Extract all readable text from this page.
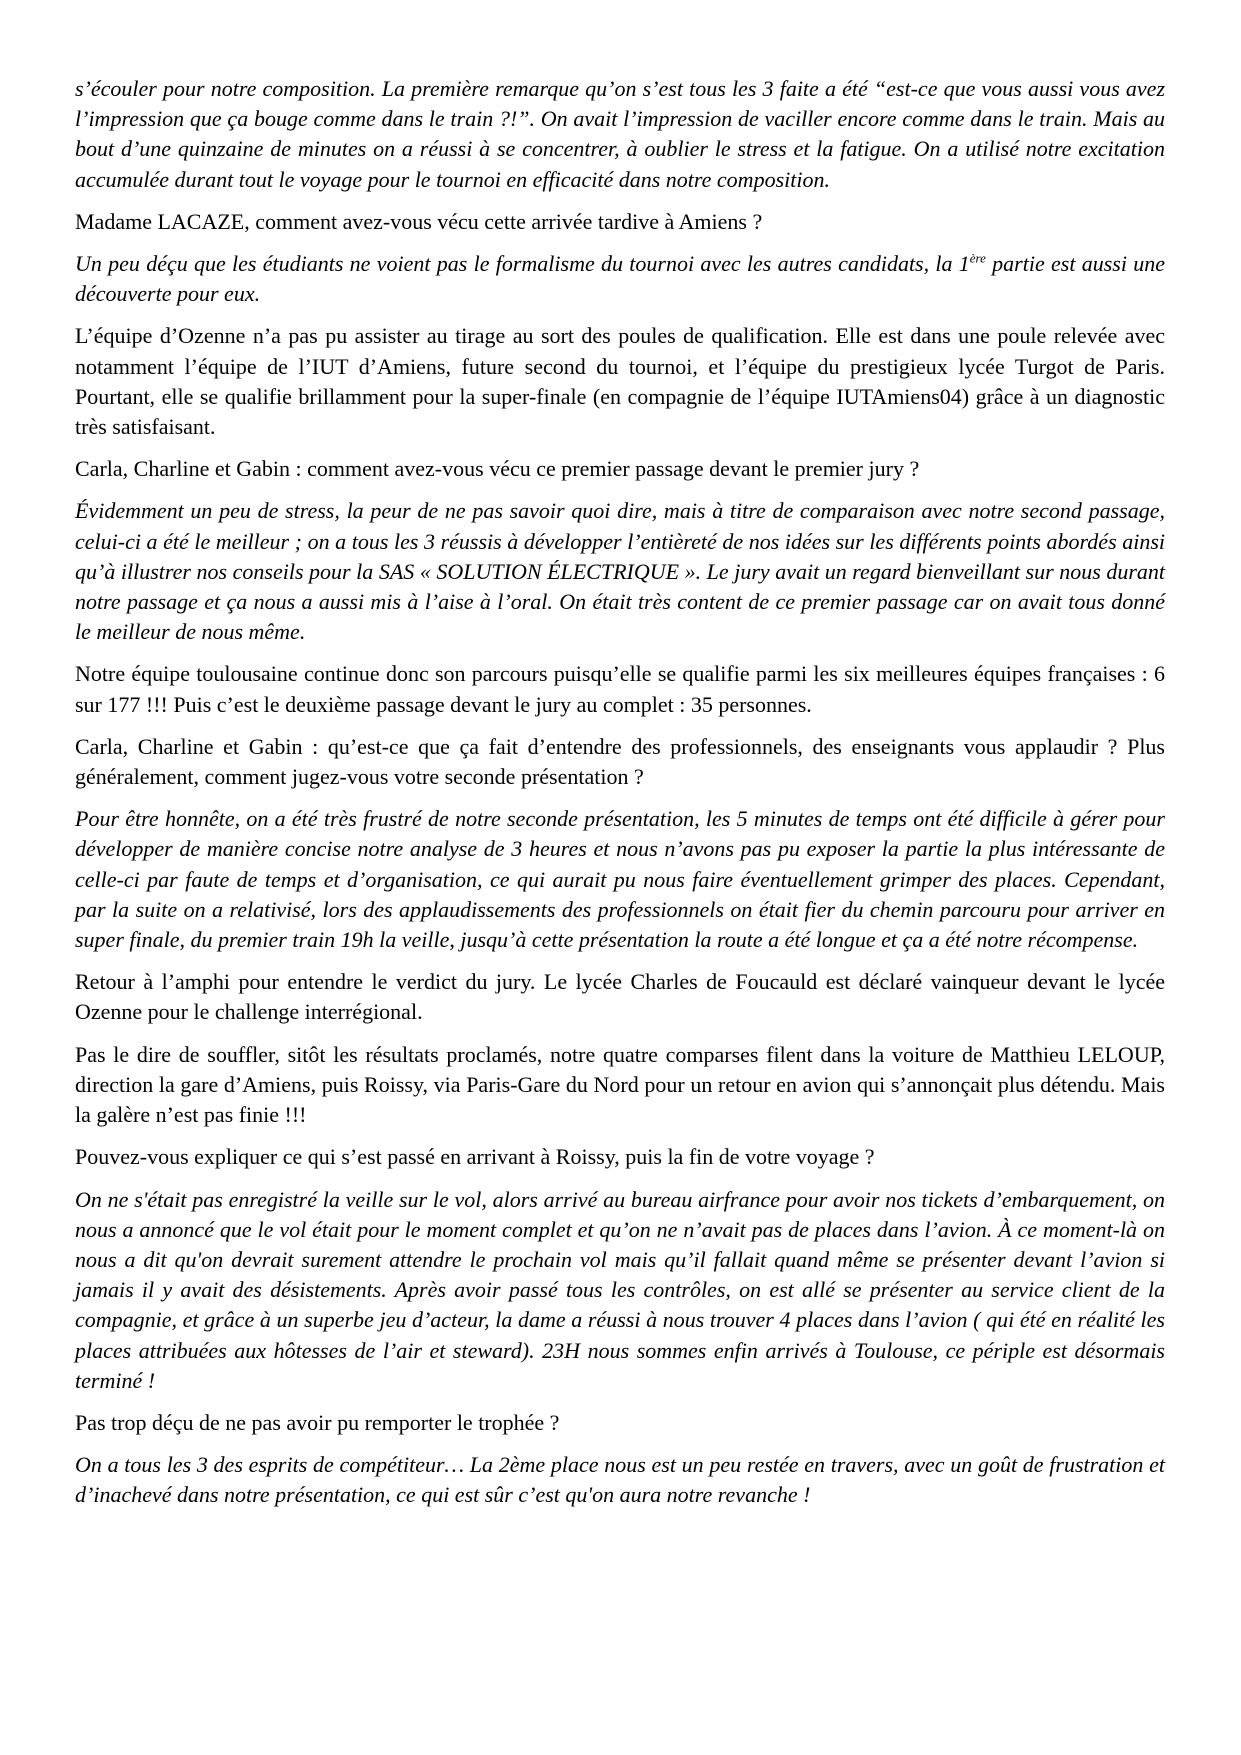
s’écouler pour notre composition. La première remarque qu’on s’est tous les 3 faite a été “est-ce que vous aussi vous avez l’impression que ça bouge comme dans le train ?!”. On avait l’impression de vaciller encore comme dans le train. Mais au bout d’une quinzaine de minutes on a réussi à se concentrer, à oublier le stress et la fatigue. On a utilisé notre excitation accumulée durant tout le voyage pour le tournoi en efficacité dans notre composition.

Madame LACAZE, comment avez-vous vécu cette arrivée tardive à Amiens ?

Un peu déçu que les étudiants ne voient pas le formalisme du tournoi avec les autres candidats, la 1ère partie est aussi une découverte pour eux.

L’équipe d’Ozenne n’a pas pu assister au tirage au sort des poules de qualification. Elle est dans une poule relevée avec notamment l’équipe de l’IUT d’Amiens, future second du tournoi, et l’équipe du prestigieux lycée Turgot de Paris. Pourtant, elle se qualifie brillamment pour la super-finale (en compagnie de l’équipe IUTAmiens04) grâce à un diagnostic très satisfaisant.

Carla, Charline et Gabin : comment avez-vous vécu ce premier passage devant le premier jury ?

Évidemment un peu de stress, la peur de ne pas savoir quoi dire, mais à titre de comparaison avec notre second passage, celui-ci a été le meilleur ; on a tous les 3 réussis à développer l’entièreté de nos idées sur les différents points abordés ainsi qu’à illustrer nos conseils pour la SAS « SOLUTION ÉLECTRIQUE ». Le jury avait un regard bienveillant sur nous durant notre passage et ça nous a aussi mis à l’aise à l’oral. On était très content de ce premier passage car on avait tous donné le meilleur de nous même.

Notre équipe toulousaine continue donc son parcours puisqu’elle se qualifie parmi les six meilleures équipes françaises : 6 sur 177 !!! Puis c’est le deuxième passage devant le jury au complet : 35 personnes.

Carla, Charline et Gabin : qu’est-ce que ça fait d’entendre des professionnels, des enseignants vous applaudir ? Plus généralement, comment jugez-vous votre seconde présentation ?

Pour être honnête, on a été très frustré de notre seconde présentation, les 5 minutes de temps ont été difficile à gérer pour développer de manière concise notre analyse de 3 heures et nous n’avons pas pu exposer la partie la plus intéressante de celle-ci par faute de temps et d’organisation, ce qui aurait pu nous faire éventuellement grimper des places. Cependant, par la suite on a relativisé, lors des applaudissements des professionnels on était fier du chemin parcouru pour arriver en super finale, du premier train 19h la veille, jusqu’à cette présentation la route a été longue et ça a été notre récompense.

Retour à l’amphi pour entendre le verdict du jury. Le lycée Charles de Foucauld est déclaré vainqueur devant le lycée Ozenne pour le challenge interrégional.

Pas le dire de souffler, sitôt les résultats proclamés, notre quatre comparses filent dans la voiture de Matthieu LELOUP, direction la gare d’Amiens, puis Roissy, via Paris-Gare du Nord pour un retour en avion qui s’annonçait plus détendu. Mais la galère n’est pas finie !!!

Pouvez-vous expliquer ce qui s’est passé en arrivant à Roissy, puis la fin de votre voyage ?

On ne s'était pas enregistré la veille sur le vol, alors arrivé au bureau airfrance pour avoir nos tickets d’embarquement, on nous a annoncé que le vol était pour le moment complet et qu’on ne n’avait pas de places dans l’avion. À ce moment-là on nous a dit qu'on devrait surement attendre le prochain vol mais qu’il fallait quand même se présenter devant l’avion si jamais il y avait des désistements. Après avoir passé tous les contrôles, on est allé se présenter au service client de la compagnie, et grâce à un superbe jeu d’acteur, la dame a réussi à nous trouver 4 places dans l’avion ( qui été en réalité les places attribuées aux hôtesses de l’air et steward). 23H nous sommes enfin arrivés à Toulouse, ce périple est désormais terminé !

Pas trop déçu de ne pas avoir pu remporter le trophée ?

On a tous les 3 des esprits de compétiteur… La 2ème place nous est un peu restée en travers, avec un goût de frustration et d’inachevé dans notre présentation, ce qui est sûr c’est qu'on aura notre revanche !
